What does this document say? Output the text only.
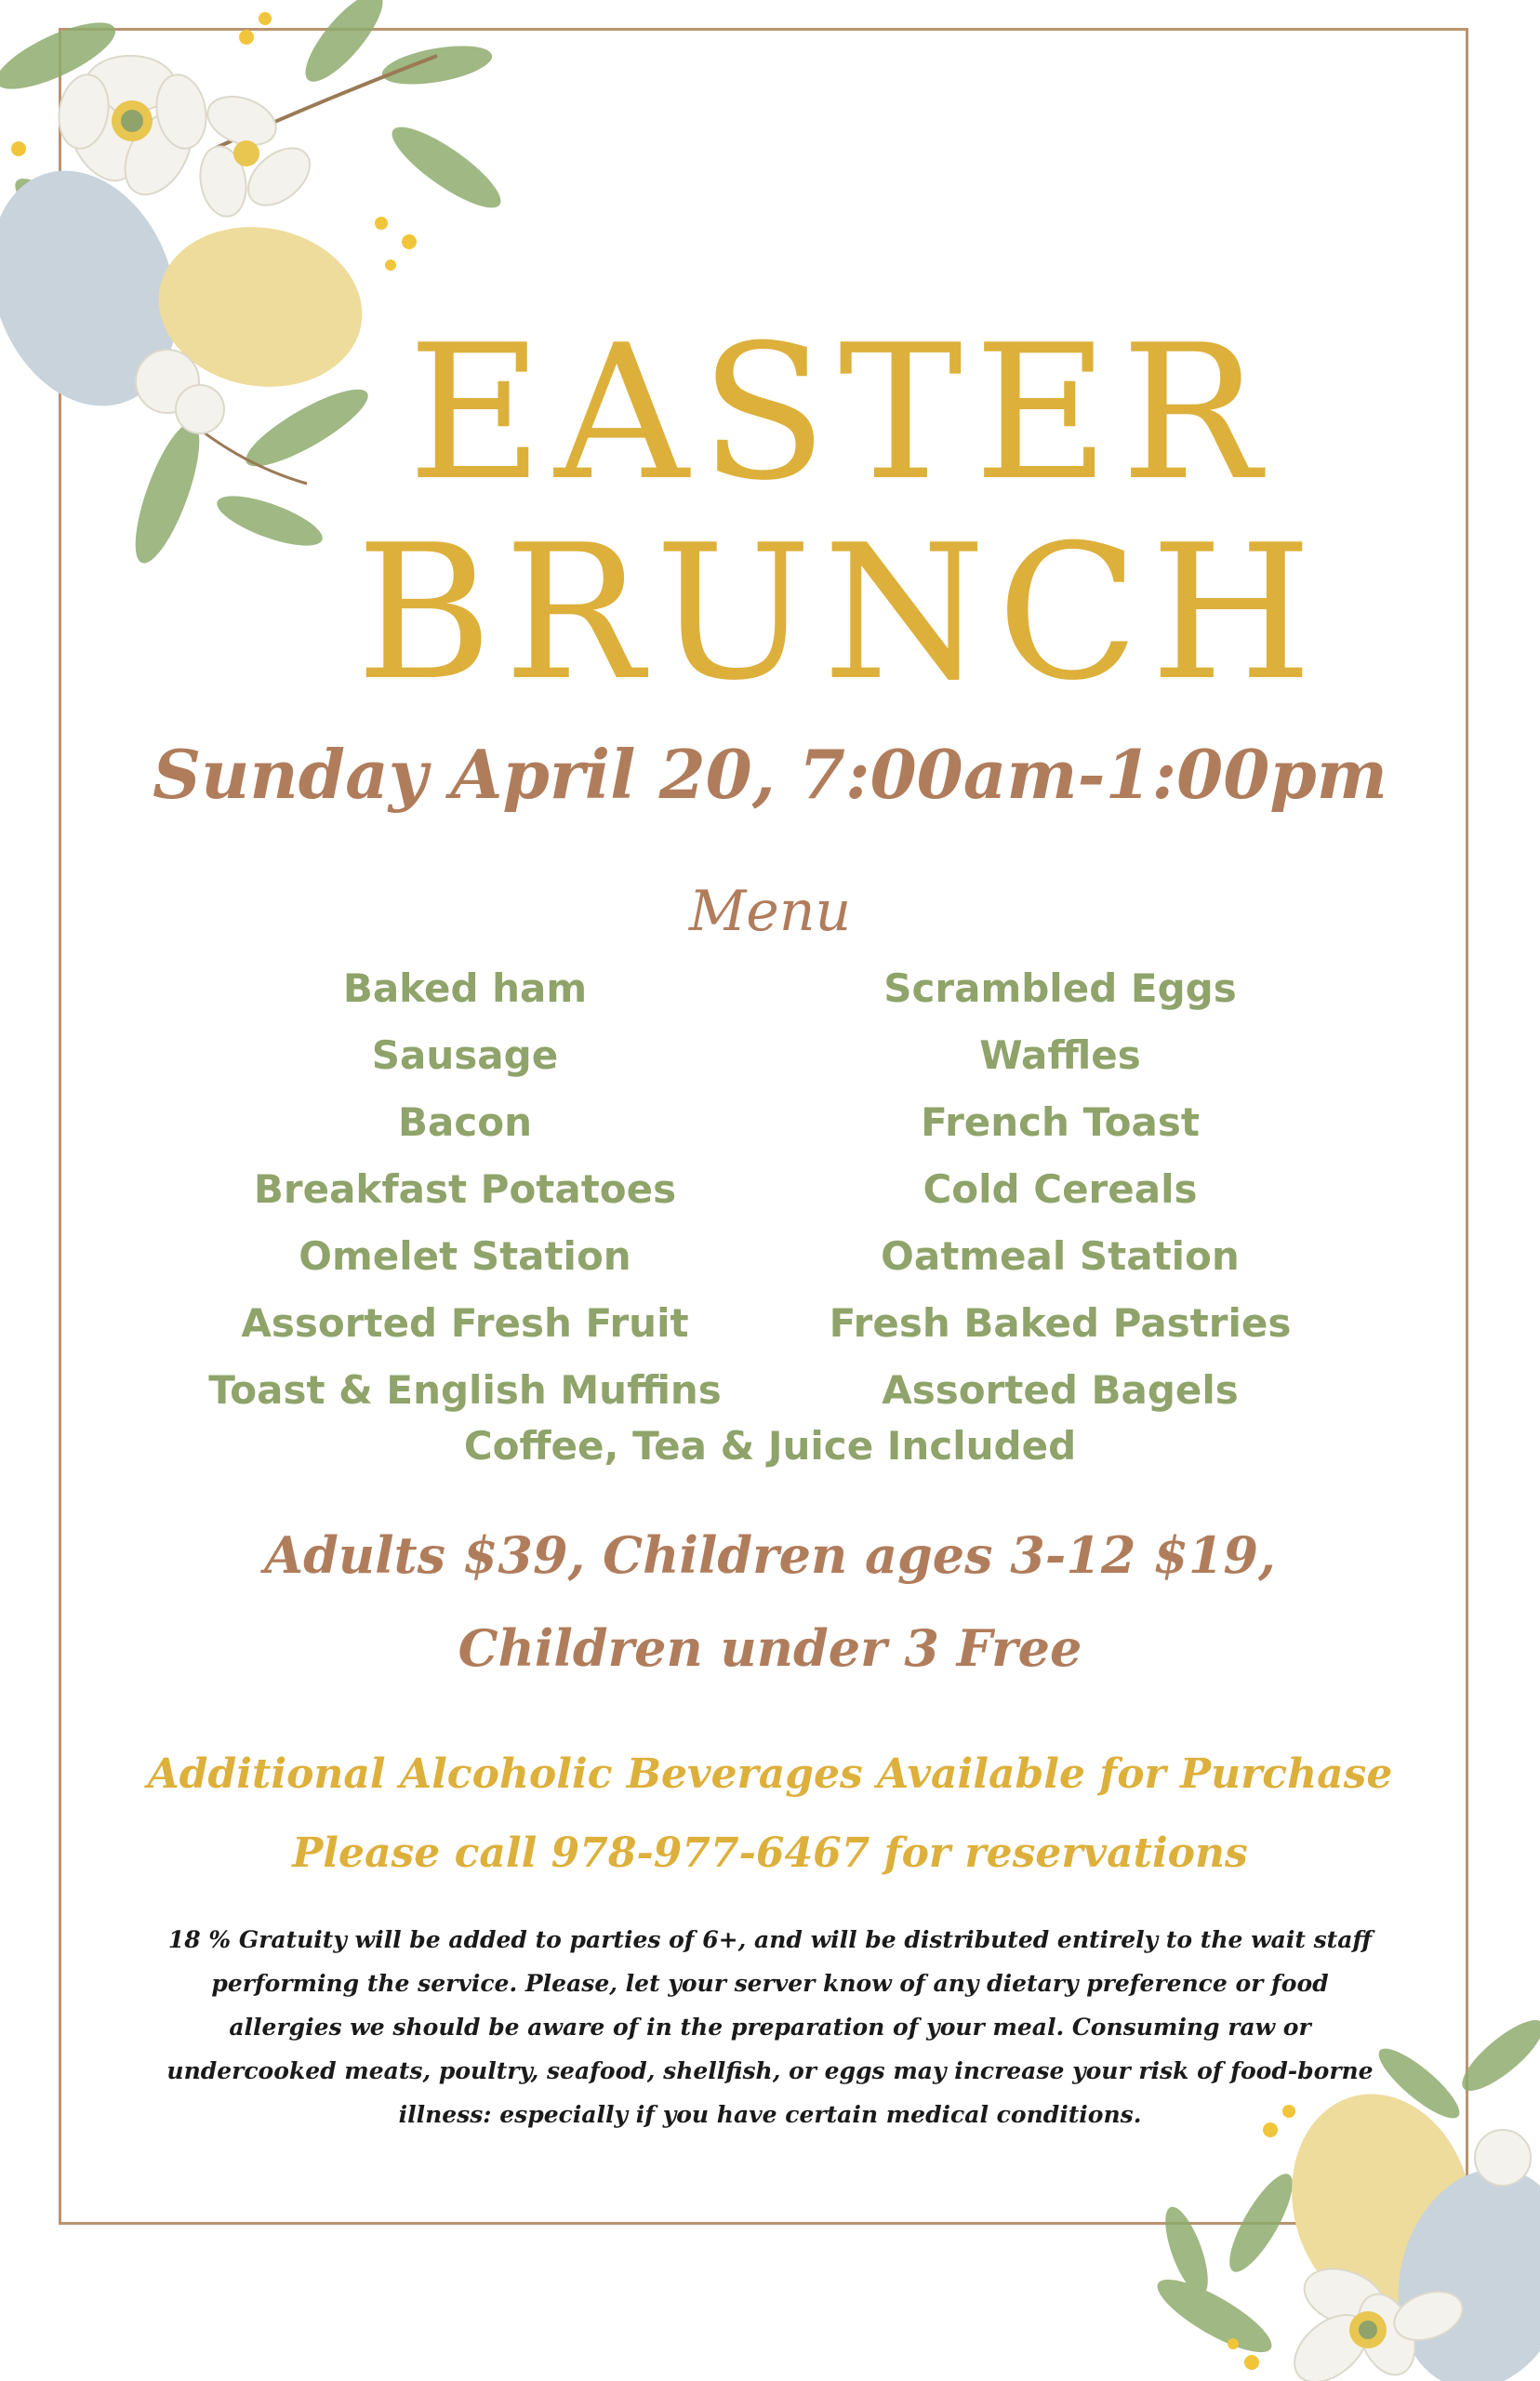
EASTER
BRUNCH
Sunday April 20, 7:00am-1:00pm
Menu
Baked ham
Sausage
Bacon
Breakfast Potatoes
Omelet Station
Assorted Fresh Fruit
Toast & English Muffins
Scrambled Eggs
Waffles
French Toast
Cold Cereals
Oatmeal Station
Fresh Baked Pastries
Assorted Bagels
Coffee, Tea & Juice Included
Adults $39, Children ages 3-12 $19,
Children under 3 Free
Additional Alcoholic Beverages Available for Purchase
Please call 978-977-6467 for reservations
18 % Gratuity will be added to parties of 6+, and will be distributed entirely to the wait staff performing the service. Please, let your server know of any dietary preference or food allergies we should be aware of in the preparation of your meal. Consuming raw or undercooked meats, poultry, seafood, shellfish, or eggs may increase your risk of food-borne illness: especially if you have certain medical conditions.
